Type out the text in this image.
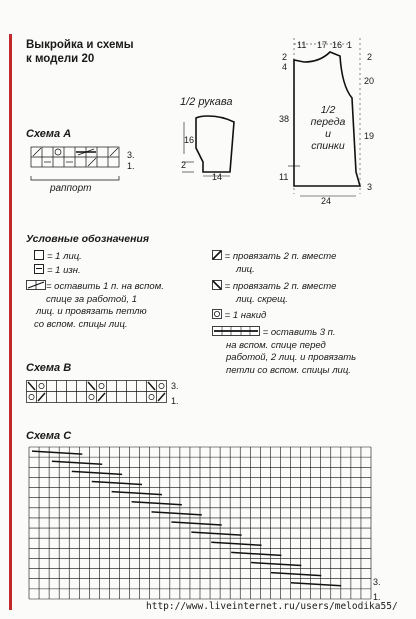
Выкройка и схемы
к модели 20
1/2 рукава
16
2
14
11 17 16 1
2
4
38
11
2
20
19
3
24
1/2
переда
и
спинки
Схема А
3.
1.
раппорт
Условные обозначения
= 1 лиц.
= 1 изн.
= оставить 1 п. на вспом.
спице за работой, 1
лиц. и провязать петлю
со вспом. спицы лиц.
= провязать 2 п. вместе
лиц.
= провязать 2 п. вместе
лиц. скрещ.
= 1 накид
= оставить 3 п.
на вспом. спице перед
работой, 2 лиц. и провязать
петли со вспом. спицы лиц.
Схема В
3.
1.
Схема С
3.
1.
http://www.liveinternet.ru/users/melodika55/
